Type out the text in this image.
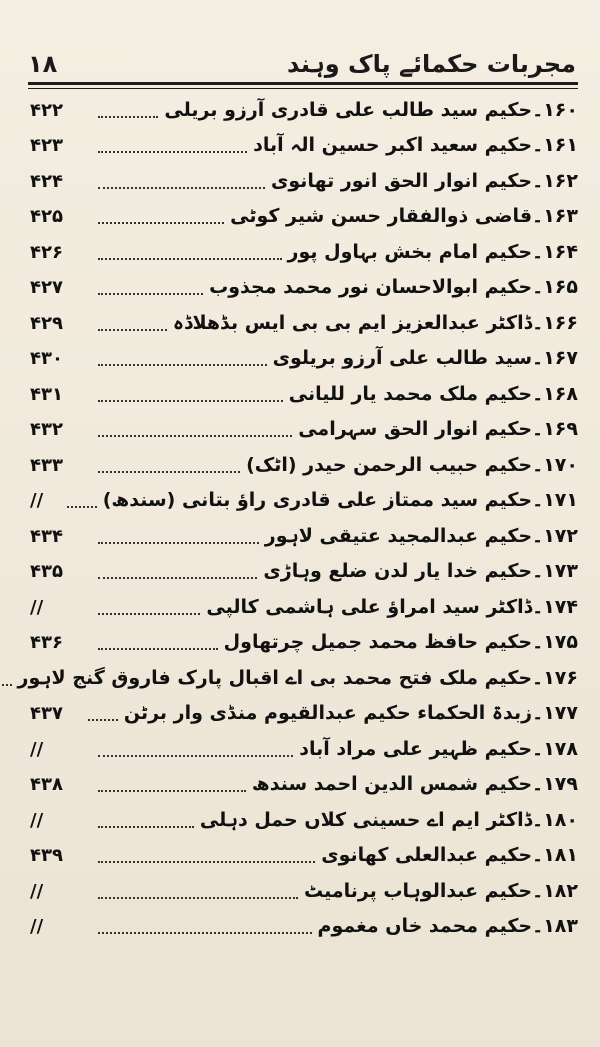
۱۸	مجربات حکمائے پاک وہند
۱۶۰۔حکیم سید طالب علی قادری آرزو بریلی
۴۲۲
۱۶۱۔حکیم سعید اکبر حسین الہ آباد
۴۲۳
۱۶۲۔حکیم انوار الحق انور تھانوی
۴۲۴
۱۶۳۔قاضی ذوالفقار حسن شیر کوٹی
۴۲۵
۱۶۴۔حکیم امام بخش بہاول پور
۴۲۶
۱۶۵۔حکیم ابوالاحسان نور محمد مجذوب
۴۲۷
۱۶۶۔ڈاکٹر عبدالعزیز ایم بی بی ایس بڈھلاڈہ
۴۲۹
۱۶۷۔سید طالب علی آرزو بریلوی
۴۳۰
۱۶۸۔حکیم ملک محمد یار للیانی
۴۳۱
۱۶۹۔حکیم انوار الحق سہرامی
۴۳۲
۱۷۰۔حکیم حبیب الرحمن حیدر (اٹک)
۴۳۳
۱۷۱۔حکیم سید ممتاز علی قادری راؤ بتانی (سندھ)
//
۱۷۲۔حکیم عبدالمجید عتیقی لاہور
۴۳۴
۱۷۳۔حکیم خدا یار لدن ضلع وہاڑی
۴۳۵
۱۷۴۔ڈاکٹر سید امراؤ علی ہاشمی کالپی
//
۱۷۵۔حکیم حافظ محمد جمیل چرتھاول
۴۳۶
۱۷۶۔حکیم ملک فتح محمد بی اے اقبال پارک فاروق گنج لاہور
۱۷۷۔زبدۃ الحکماء حکیم عبدالقیوم منڈی وار برٹن
۴۳۷
۱۷۸۔حکیم ظہیر علی مراد آباد
//
۱۷۹۔حکیم شمس الدین احمد سندھ
۴۳۸
۱۸۰۔ڈاکٹر ایم اے حسینی کلاں حمل دہلی
//
۱۸۱۔حکیم عبدالعلی کھانوی
۴۳۹
۱۸۲۔حکیم عبدالوہاب پرنامیٹ
//
۱۸۳۔حکیم محمد خاں مغموم
//
